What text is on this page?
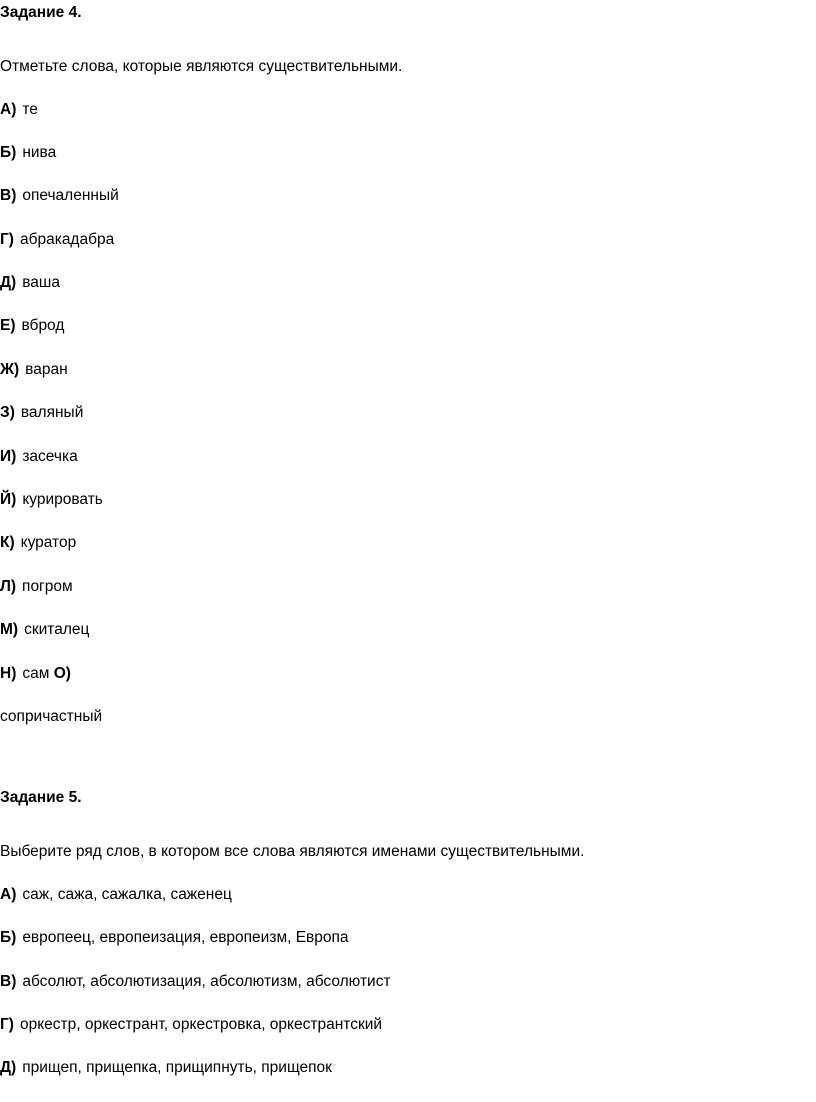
Задание 4.
Отметьте слова, которые являются существительными.
А) те
Б) нива
В) опечаленный
Г) абракадабра
Д) ваша
Е) вброд
Ж) варан
З) валяный
И) засечка
Й) курировать
К) куратор
Л) погром
М) скиталец
Н) сам О)
сопричастный
Задание 5.
Выберите ряд слов, в котором все слова являются именами существительными.
А) саж, сажа, сажалка, саженец
Б) европеец, европеизация, европеизм, Европа
В) абсолют, абсолютизация, абсолютизм, абсолютист
Г) оркестр, оркестрант, оркестровка, оркестрантский
Д) прищеп, прищепка, прищипнуть, прищепок
